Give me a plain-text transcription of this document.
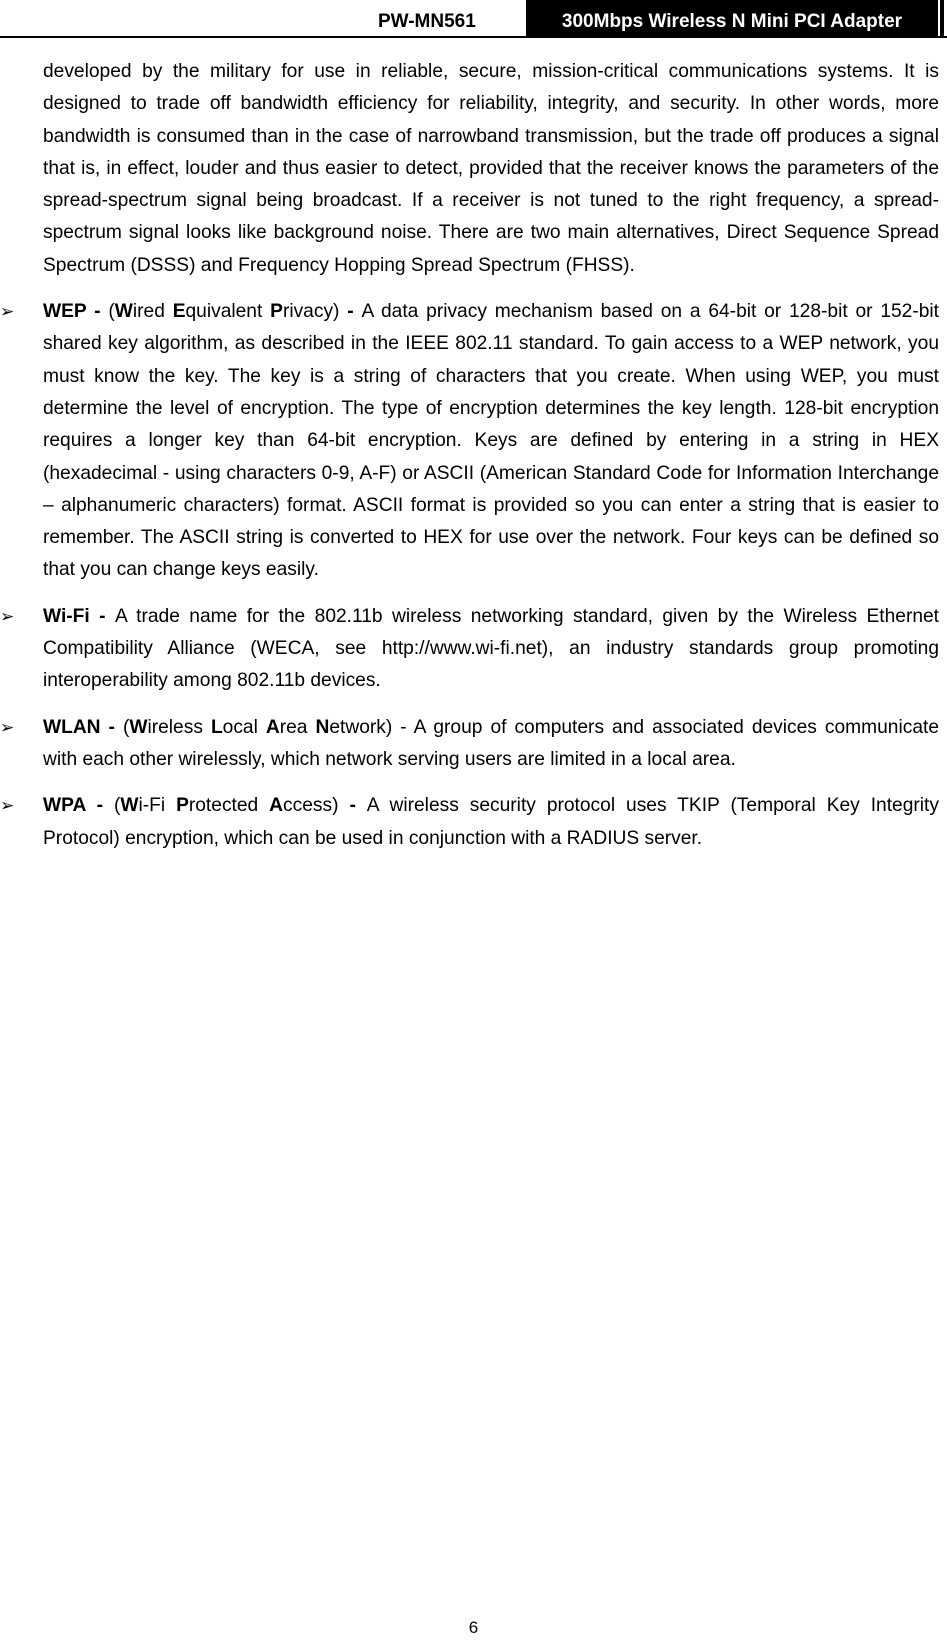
PW-MN561	300Mbps Wireless N Mini PCI Adapter

developed by the military for use in reliable, secure, mission-critical communications systems. It is designed to trade off bandwidth efficiency for reliability, integrity, and security. In other words, more bandwidth is consumed than in the case of narrowband transmission, but the trade off produces a signal that is, in effect, louder and thus easier to detect, provided that the receiver knows the parameters of the spread-spectrum signal being broadcast. If a receiver is not tuned to the right frequency, a spread-spectrum signal looks like background noise. There are two main alternatives, Direct Sequence Spread Spectrum (DSSS) and Frequency Hopping Spread Spectrum (FHSS).

➢ WEP - (Wired Equivalent Privacy) - A data privacy mechanism based on a 64-bit or 128-bit or 152-bit shared key algorithm, as described in the IEEE 802.11 standard. To gain access to a WEP network, you must know the key. The key is a string of characters that you create. When using WEP, you must determine the level of encryption. The type of encryption determines the key length. 128-bit encryption requires a longer key than 64-bit encryption. Keys are defined by entering in a string in HEX (hexadecimal - using characters 0-9, A-F) or ASCII (American Standard Code for Information Interchange – alphanumeric characters) format. ASCII format is provided so you can enter a string that is easier to remember. The ASCII string is converted to HEX for use over the network. Four keys can be defined so that you can change keys easily.

➢ Wi-Fi - A trade name for the 802.11b wireless networking standard, given by the Wireless Ethernet Compatibility Alliance (WECA, see http://www.wi-fi.net), an industry standards group promoting interoperability among 802.11b devices.

➢ WLAN - (Wireless Local Area Network) - A group of computers and associated devices communicate with each other wirelessly, which network serving users are limited in a local area.

➢ WPA - (Wi-Fi Protected Access) - A wireless security protocol uses TKIP (Temporal Key Integrity Protocol) encryption, which can be used in conjunction with a RADIUS server.

6
